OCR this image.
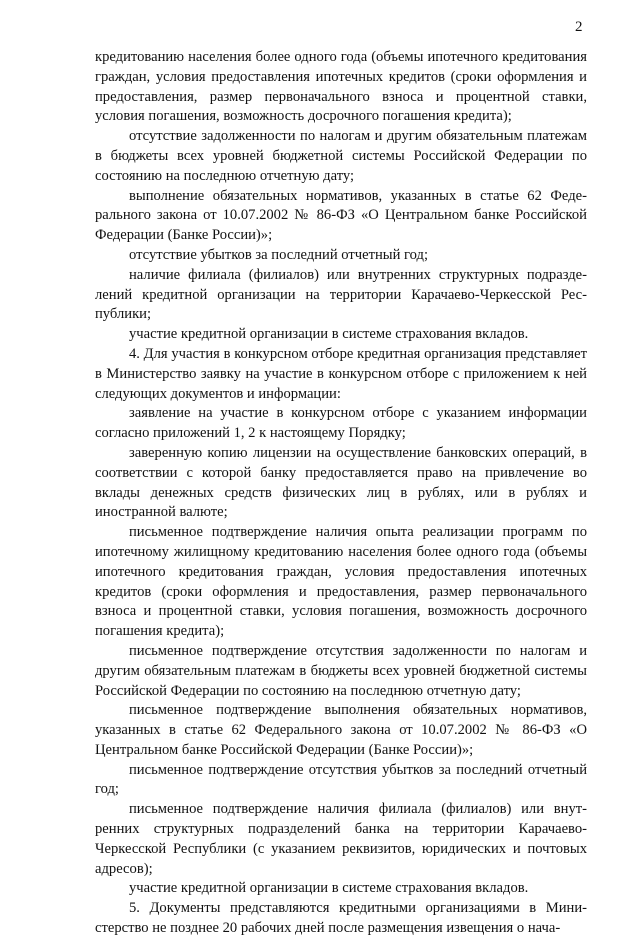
2

кредитованию населения более одного года (объемы ипотечного кредитования граждан, условия предоставления ипотечных кредитов (сроки оформления и предоставления, размер первоначального взноса и процентной ставки, условия погашения, возможность досрочного погашения кредита);

отсутствие задолженности по налогам и другим обязательным платежам в бюджеты всех уровней бюджетной системы Российской Федерации по состоянию на последнюю отчетную дату;

выполнение обязательных нормативов, указанных в статье 62 Федерального закона от 10.07.2002 № 86-ФЗ «О Центральном банке Российской Федерации (Банке России)»;

отсутствие убытков за последний отчетный год;

наличие филиала (филиалов) или внутренних структурных подразделений кредитной организации на территории Карачаево-Черкесской Республики;

участие кредитной организации в системе страхования вкладов.

4. Для участия в конкурсном отборе кредитная организация представляет в Министерство заявку на участие в конкурсном отборе с приложением к ней следующих документов и информации:

заявление на участие в конкурсном отборе с указанием информации согласно приложений 1, 2 к настоящему Порядку;

заверенную копию лицензии на осуществление банковских операций, в соответствии с которой банку предоставляется право на привлечение во вклады денежных средств физических лиц в рублях, или в рублях и иностранной валюте;

письменное подтверждение наличия опыта реализации программ по ипотечному жилищному кредитованию населения более одного года (объемы ипотечного кредитования граждан, условия предоставления ипотечных кредитов (сроки оформления и предоставления, размер первоначального взноса и процентной ставки, условия погашения, возможность досрочного погашения кредита);

письменное подтверждение отсутствия задолженности по налогам и другим обязательным платежам в бюджеты всех уровней бюджетной системы Российской Федерации по состоянию на последнюю отчетную дату;

письменное подтверждение выполнения обязательных нормативов, указанных в статье 62 Федерального закона от 10.07.2002 № 86-ФЗ «О Центральном банке Российской Федерации (Банке России)»;

письменное подтверждение отсутствия убытков за последний отчетный год;

письменное подтверждение наличия филиала (филиалов) или внутренних структурных подразделений банка на территории Карачаево-Черкесской Республики (с указанием реквизитов, юридических и почтовых адресов);

участие кредитной организации в системе страхования вкладов.

5. Документы представляются кредитными организациями в Министерство не позднее 20 рабочих дней после размещения извещения о нача-
